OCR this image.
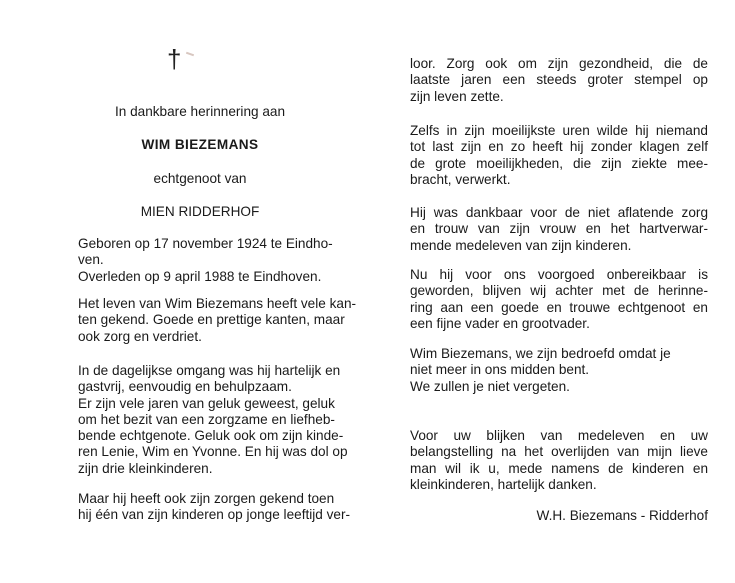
†

In dankbare herinnering aan

WIM BIEZEMANS

echtgenoot van

MIEN RIDDERHOF

Geboren op 17 november 1924 te Eindho-
ven.
Overleden op 9 april 1988 te Eindhoven.
Het leven van Wim Biezemans heeft vele kan-
ten gekend. Goede en prettige kanten, maar
ook zorg en verdriet.
In de dagelijkse omgang was hij hartelijk en
gastvrij, eenvoudig en behulpzaam.
Er zijn vele jaren van geluk geweest, geluk
om het bezit van een zorgzame en liefheb-
bende echtgenote. Geluk ook om zijn kinde-
ren Lenie, Wim en Yvonne. En hij was dol op
zijn drie kleinkinderen.
Maar hij heeft ook zijn zorgen gekend toen
hij één van zijn kinderen op jonge leeftijd ver-
loor. Zorg ook om zijn gezondheid, die de
laatste jaren een steeds groter stempel op
zijn leven zette.
Zelfs in zijn moeilijkste uren wilde hij niemand
tot last zijn en zo heeft hij zonder klagen zelf
de grote moeilijkheden, die zijn ziekte mee-
bracht, verwerkt.
Hij was dankbaar voor de niet aflatende zorg
en trouw van zijn vrouw en het hartverwar-
mende medeleven van zijn kinderen.
Nu hij voor ons voorgoed onbereikbaar is
geworden, blijven wij achter met de herinne-
ring aan een goede en trouwe echtgenoot en
een fijne vader en grootvader.
Wim Biezemans, we zijn bedroefd omdat je
niet meer in ons midden bent.
We zullen je niet vergeten.
Voor uw blijken van medeleven en uw
belangstelling na het overlijden van mijn lieve
man wil ik u, mede namens de kinderen en
kleinkinderen, hartelijk danken.

W.H. Biezemans - Ridderhof
